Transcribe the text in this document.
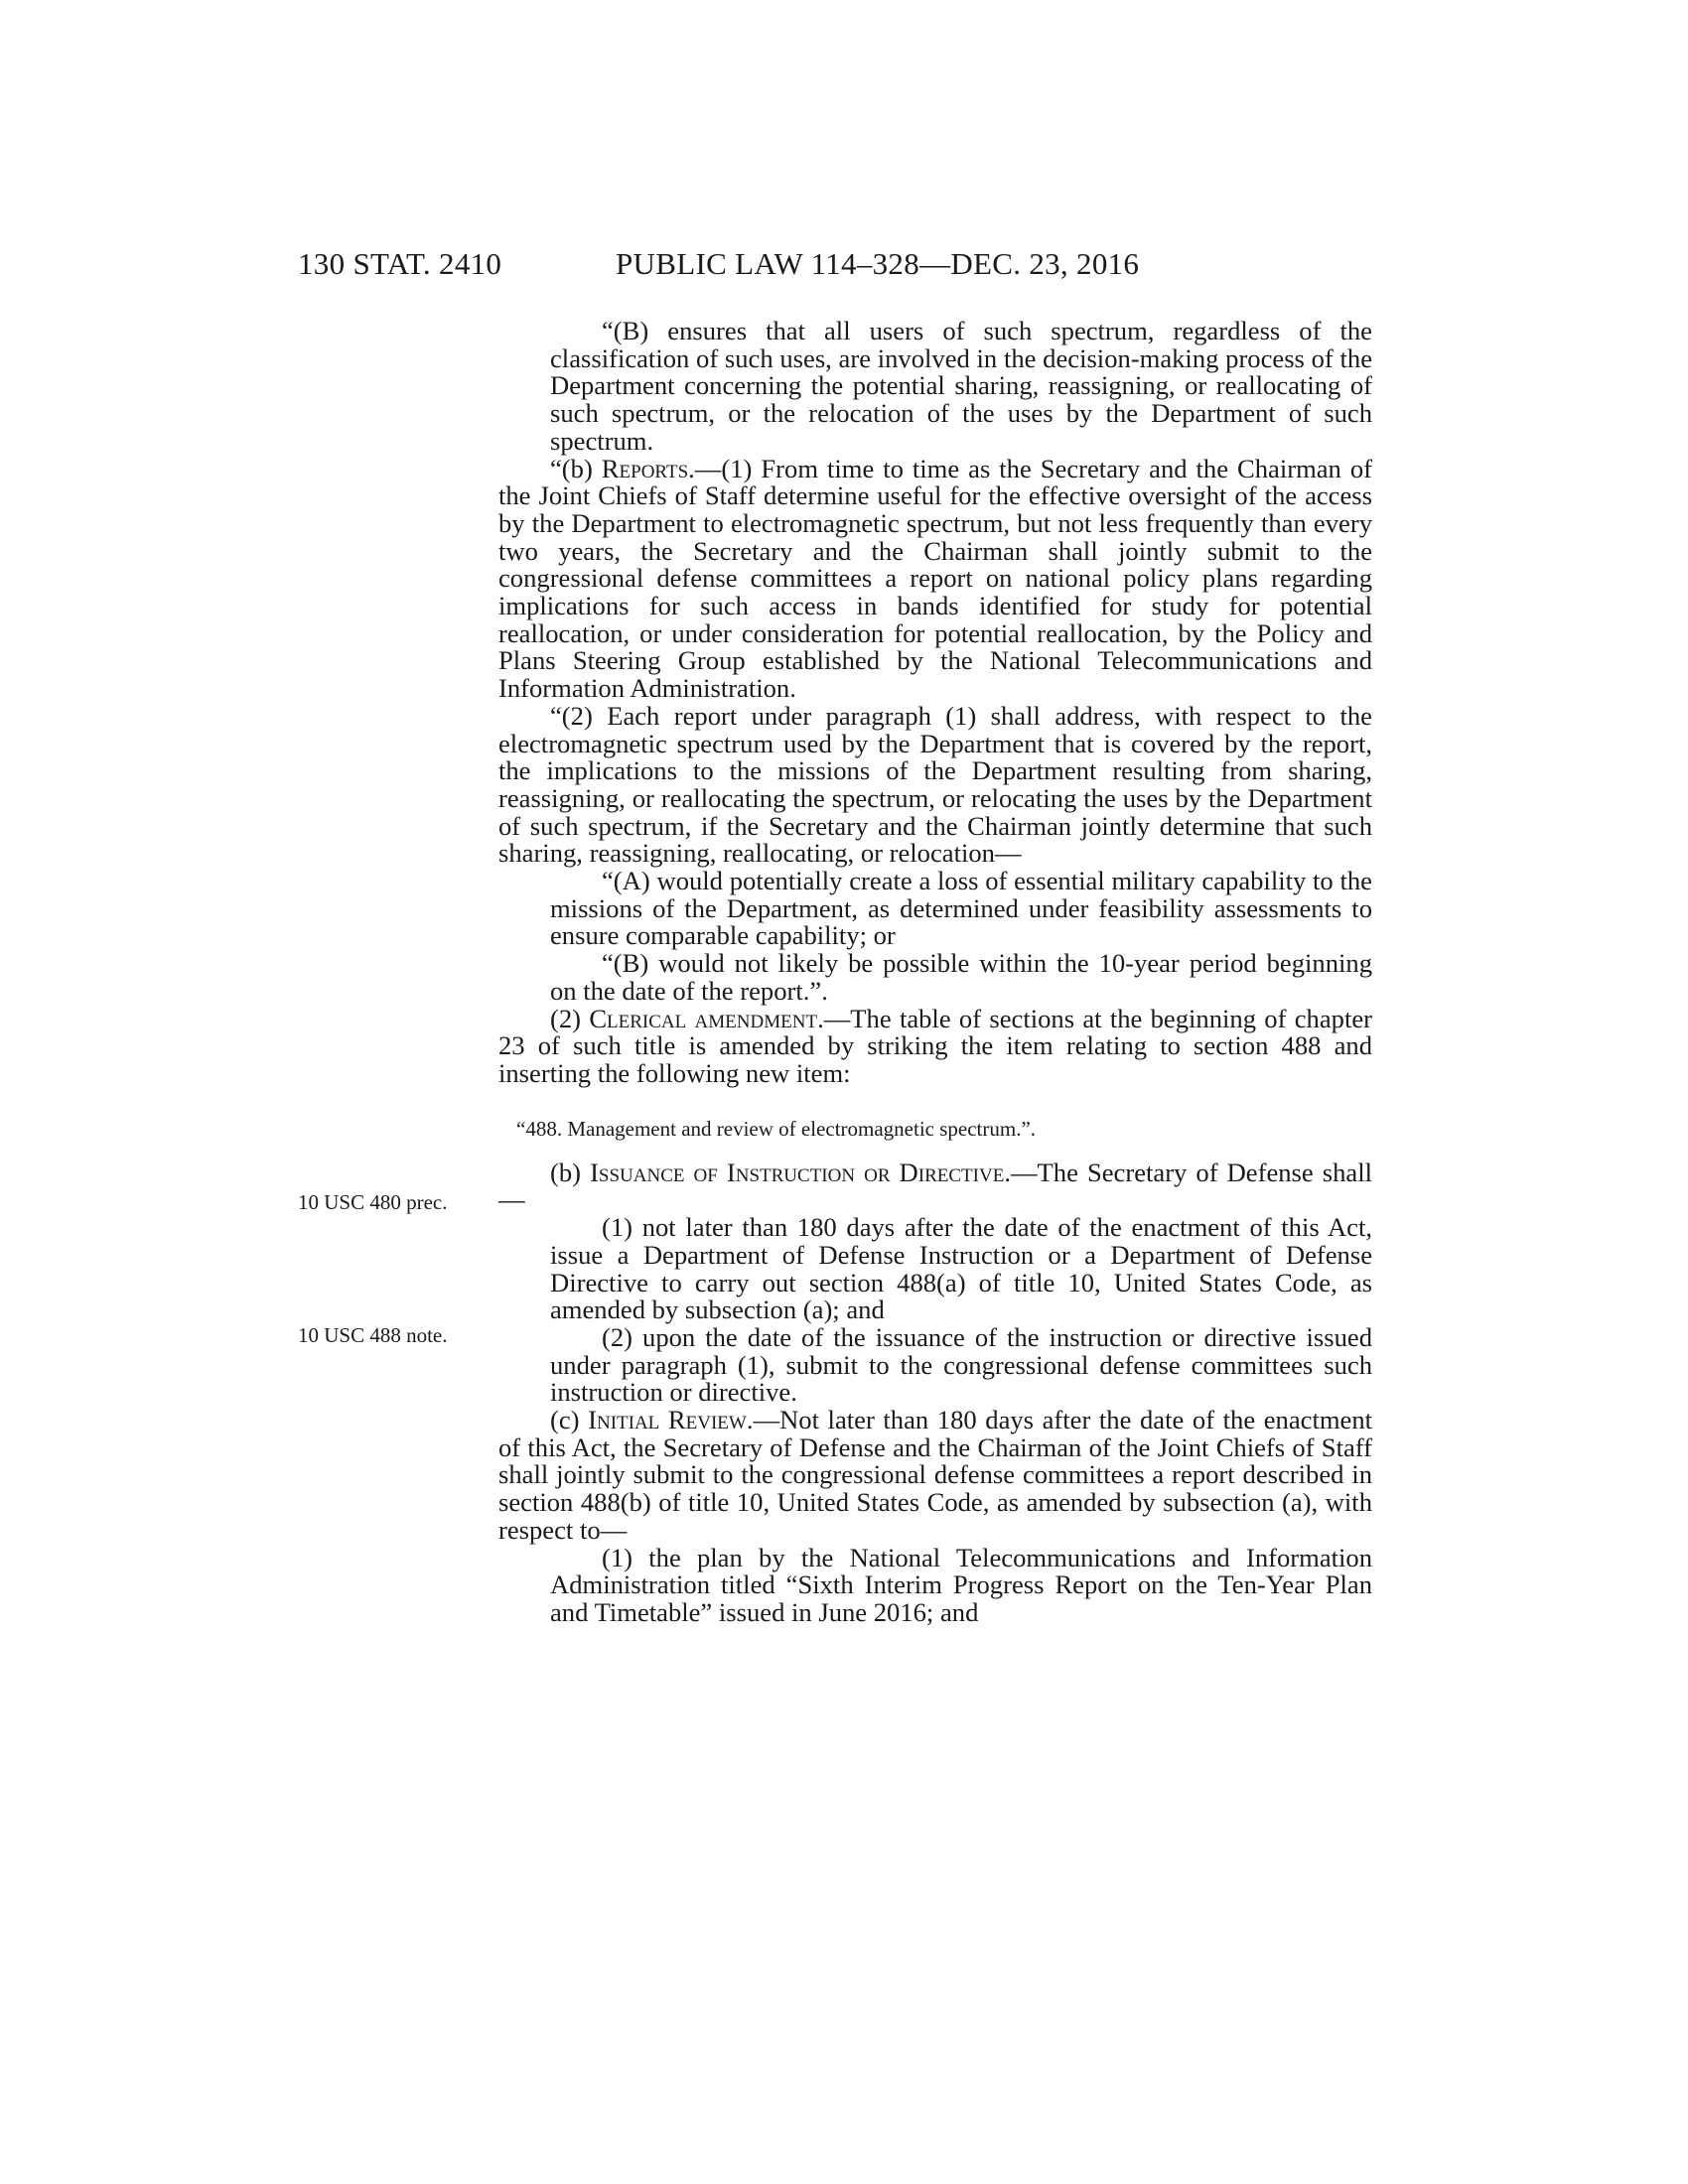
130 STAT. 2410	PUBLIC LAW 114–328—DEC. 23, 2016
10 USC 480 prec.
10 USC 488 note.

“(B) ensures that all users of such spectrum, regardless of the classification of such uses, are involved in the decision-making process of the Department concerning the potential sharing, reassigning, or reallocating of such spectrum, or the relocation of the uses by the Department of such spectrum.

“(b) Reports.—(1) From time to time as the Secretary and the Chairman of the Joint Chiefs of Staff determine useful for the effective oversight of the access by the Department to electromagnetic spectrum, but not less frequently than every two years, the Secretary and the Chairman shall jointly submit to the congressional defense committees a report on national policy plans regarding implications for such access in bands identified for study for potential reallocation, or under consideration for potential reallocation, by the Policy and Plans Steering Group established by the National Telecommunications and Information Administration.

“(2) Each report under paragraph (1) shall address, with respect to the electromagnetic spectrum used by the Department that is covered by the report, the implications to the missions of the Department resulting from sharing, reassigning, or reallocating the spectrum, or relocating the uses by the Department of such spectrum, if the Secretary and the Chairman jointly determine that such sharing, reassigning, reallocating, or relocation—

“(A) would potentially create a loss of essential military capability to the missions of the Department, as determined under feasibility assessments to ensure comparable capability; or

“(B) would not likely be possible within the 10-year period beginning on the date of the report.”.

(2) Clerical amendment.—The table of sections at the beginning of chapter 23 of such title is amended by striking the item relating to section 488 and inserting the following new item:

“488. Management and review of electromagnetic spectrum.”.

(b) Issuance of Instruction or Directive.—The Secretary of Defense shall—

(1) not later than 180 days after the date of the enactment of this Act, issue a Department of Defense Instruction or a Department of Defense Directive to carry out section 488(a) of title 10, United States Code, as amended by subsection (a); and

(2) upon the date of the issuance of the instruction or directive issued under paragraph (1), submit to the congressional defense committees such instruction or directive.

(c) Initial Review.—Not later than 180 days after the date of the enactment of this Act, the Secretary of Defense and the Chairman of the Joint Chiefs of Staff shall jointly submit to the congressional defense committees a report described in section 488(b) of title 10, United States Code, as amended by subsection (a), with respect to—

(1) the plan by the National Telecommunications and Information Administration titled “Sixth Interim Progress Report on the Ten-Year Plan and Timetable” issued in June 2016; and
